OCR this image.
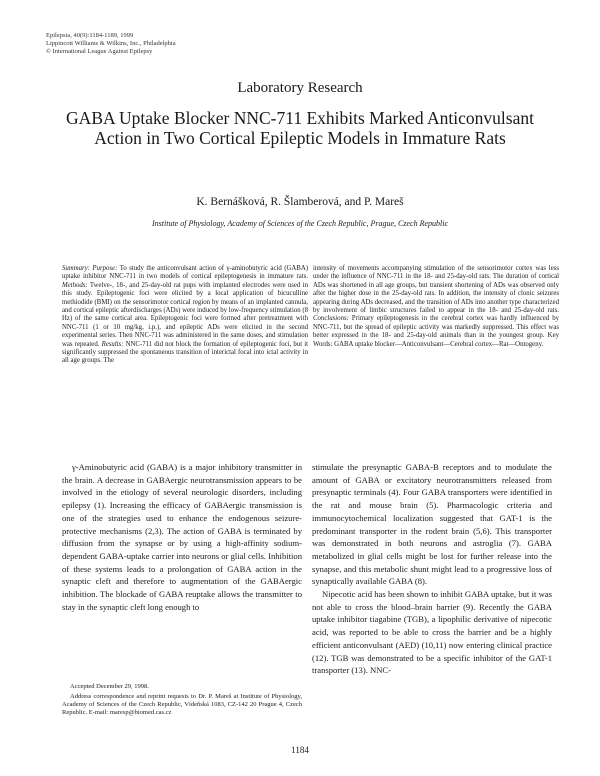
Epilepsia, 40(9):1184-1189, 1999
Lippincott Williams & Wilkins, Inc., Philadelphia
© International League Against Epilepsy
Laboratory Research
GABA Uptake Blocker NNC-711 Exhibits Marked Anticonvulsant Action in Two Cortical Epileptic Models in Immature Rats
K. Bernášková, R. Šlamberová, and P. Mareš
Institute of Physiology, Academy of Sciences of the Czech Republic, Prague, Czech Republic
Summary: Purpose: To study the anticonvulsant action of γ-aminobutyric acid (GABA) uptake inhibitor NNC-711 in two models of cortical epileptogenesis in immature rats. Methods: Twelve-, 18-, and 25-day-old rat pups with implanted electrodes were used in this study. Epileptogenic foci were elicited by a local application of bicuculline methiodide (BMI) on the sensorimotor cortical region by means of an implanted cannula, and cortical epileptic afterdischarges (ADs) were induced by low-frequency stimulation (8 Hz) of the same cortical area. Epileptogenic foci were formed after pretreatment with NNC-711 (1 or 10 mg/kg, i.p.), and epileptic ADs were elicited in the second experimental series. Then NNC-711 was administered in the same doses, and stimulation was repeated. Results: NNC-711 did not block the formation of epileptogenic foci, but it significantly suppressed the spontaneous transition of interictal focal into ictal activity in all age groups. The
intensity of movements accompanying stimulation of the sensorimotor cortex was less under the influence of NNC-711 in the 18- and 25-day-old rats. The duration of cortical ADs was shortened in all age groups, but transient shortening of ADs was observed only after the higher dose in the 25-day-old rats. In addition, the intensity of clonic seizures appearing during ADs decreased, and the transition of ADs into another type characterized by involvement of limbic structures failed to appear in the 18- and 25-day-old rats. Conclusions: Primary epileptogenesis in the cerebral cortex was hardly influenced by NNC-711, but the spread of epileptic activity was markedly suppressed. This effect was better expressed in the 18- and 25-day-old animals than in the youngest group. Key Words: GABA uptake blocker—Anticonvulsant—Cerebral cortex—Rat—Ontogeny.

γ-Aminobutyric acid (GABA) is a major inhibitory transmitter in the brain. A decrease in GABAergic neurotransmission appears to be involved in the etiology of several neurologic disorders, including epilepsy (1). Increasing the efficacy of GABAergic transmission is one of the strategies used to enhance the endogenous seizure-protective mechanisms (2,3). The action of GABA is terminated by diffusion from the synapse or by using a high-affinity sodium-dependent GABA-uptake carrier into neurons or glial cells. Inhibition of these systems leads to a prolongation of GABA action in the synaptic cleft and therefore to augmentation of the GABAergic inhibition. The blockade of GABA reuptake allows the transmitter to stay in the synaptic cleft long enough to

stimulate the presynaptic GABA-B receptors and to modulate the amount of GABA or excitatory neurotransmitters released from presynaptic terminals (4). Four GABA transporters were identified in the rat and mouse brain (5). Pharmacologic criteria and immunocytochemical localization suggested that GAT-1 is the predominant transporter in the rodent brain (5,6). This transporter was demonstrated in both neurons and astroglia (7). GABA metabolized in glial cells might be lost for further release into the synapse, and this metabolic shunt might lead to a progressive loss of synaptically available GABA (8).

Nipecotic acid has been shown to inhibit GABA uptake, but it was not able to cross the blood–brain barrier (9). Recently the GABA uptake inhibitor tiagabine (TGB), a lipophilic derivative of nipecotic acid, was reported to be able to cross the barrier and be a highly efficient anticonvulsant (AED) (10,11) now entering clinical practice (12). TGB was demonstrated to be a specific inhibitor of the GAT-1 transporter (13). NNC-

Accepted December 29, 1998.

Address correspondence and reprint requests to Dr. P. Mareš at Institute of Physiology, Academy of Sciences of the Czech Republic, Vídeňská 1083, CZ-142 20 Prague 4, Czech Republic. E-mail: maresp@biomed.cas.cz

1184
